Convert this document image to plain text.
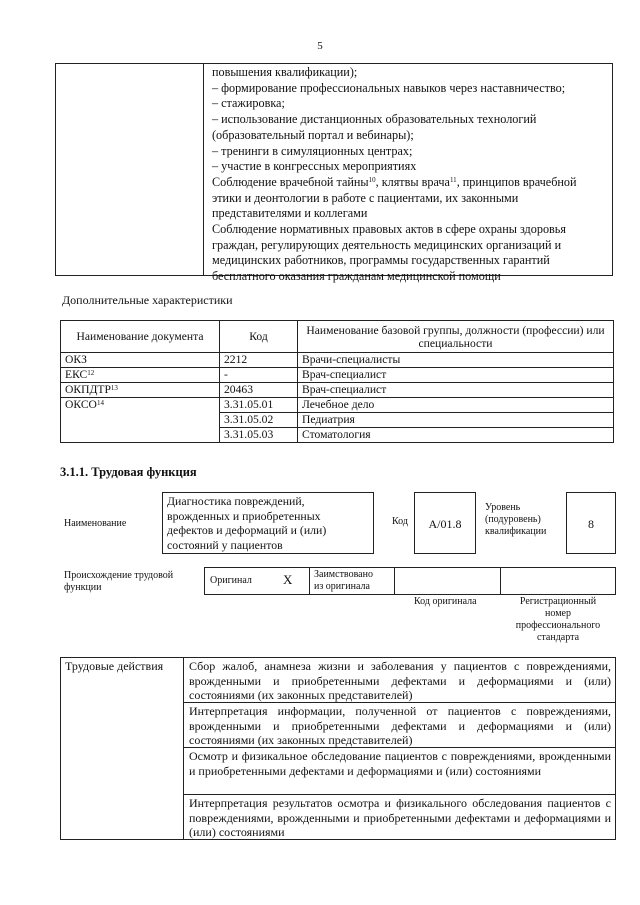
5
повышения квалификации);
– формирование профессиональных навыков через наставничество;
– стажировка;
– использование дистанционных образовательных технологий
(образовательный портал и вебинары);
– тренинги в симуляционных центрах;
– участие в конгрессных мероприятиях
Соблюдение врачебной тайны$^{10}$, клятвы врача$^{11}$, принципов врачебной
этики и деонтологии в работе с пациентами, их законными
представителями и коллегами
Соблюдение нормативных правовых актов в сфере охраны здоровья
граждан, регулирующих деятельность медицинских организаций и
медицинских работников, программы государственных гарантий
бесплатного оказания гражданам медицинской помощи
Дополнительные характеристики
Наименование документа	Код	Наименование базовой группы, должности (профессии) или специальности
ОКЗ	2212	Врачи-специалисты
ЕКС$^{12}$	-	Врач-специалист
ОКПДТР$^{13}$	20463	Врач-специалист
ОКСО$^{14}$	3.31.05.01	Лечебное дело
	3.31.05.02	Педиатрия
	3.31.05.03	Стоматология
3.1.1. Трудовая функция
Наименование
Диагностика повреждений,
врожденных и приобретенных
дефектов и деформаций и (или)
состояний у пациентов
Код	A/01.8
Уровень
(подуровень)
квалификации
8
Происхождение трудовой
функции
Оригинал X Заимствовано
из оригинала
Код оригинала	Регистрационный
номер
профессионального
стандарта
Трудовые действия Сбор жалоб, анамнеза жизни и заболевания у пациентов с повреждениями, врожденными и приобретенными дефектами и деформациями и (или) состояниями (их законных представителей)
Интерпретация информации, полученной от пациентов с повреждениями, врожденными и приобретенными дефектами и деформациями и (или) состояниями (их законных представителей)
Осмотр и физикальное обследование пациентов с повреждениями, врожденными и приобретенными дефектами и деформациями и (или) состояниями
Интерпретация результатов осмотра и физикального обследования пациентов с повреждениями, врожденными и приобретенными дефектами и деформациями и (или) состояниями
